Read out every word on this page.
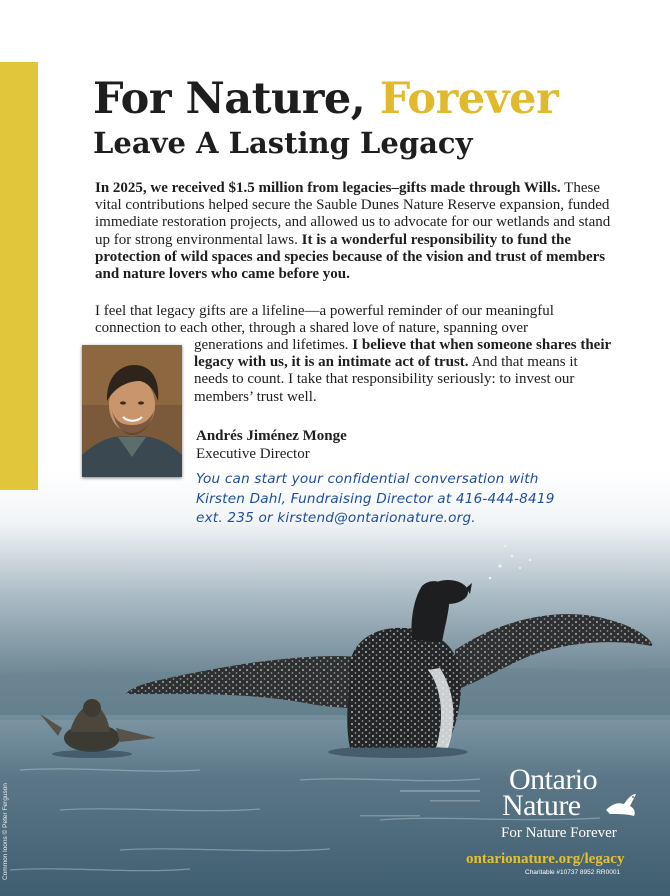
For Nature, Forever
Leave A Lasting Legacy

In 2025, we received $1.5 million from legacies–gifts made through Wills. These vital contributions helped secure the Sauble Dunes Nature Reserve expansion, funded immediate restoration projects, and allowed us to advocate for our wetlands and stand up for strong environmental laws. It is a wonderful responsibility to fund the protection of wild spaces and species because of the vision and trust of members and nature lovers who came before you.

I feel that legacy gifts are a lifeline—a powerful reminder of our meaningful
connection to each other, through a shared love of nature, spanning over

generations and lifetimes. I believe that when someone shares their legacy with us, it is an intimate act of trust. And that means it needs to count. I take that responsibility seriously: to invest our members’ trust well.

Andrés Jiménez Monge
Executive Director
You can start your confidential conversation with
Kirsten Dahl, Fundraising Director at 416-444-8419
ext. 235 or kirstend@ontarionature.org.
Common loons © Peter Ferguson
Ontario
Nature
For Nature Forever
ontarionature.org/legacy
Charitable #10737 8952 RR0001
